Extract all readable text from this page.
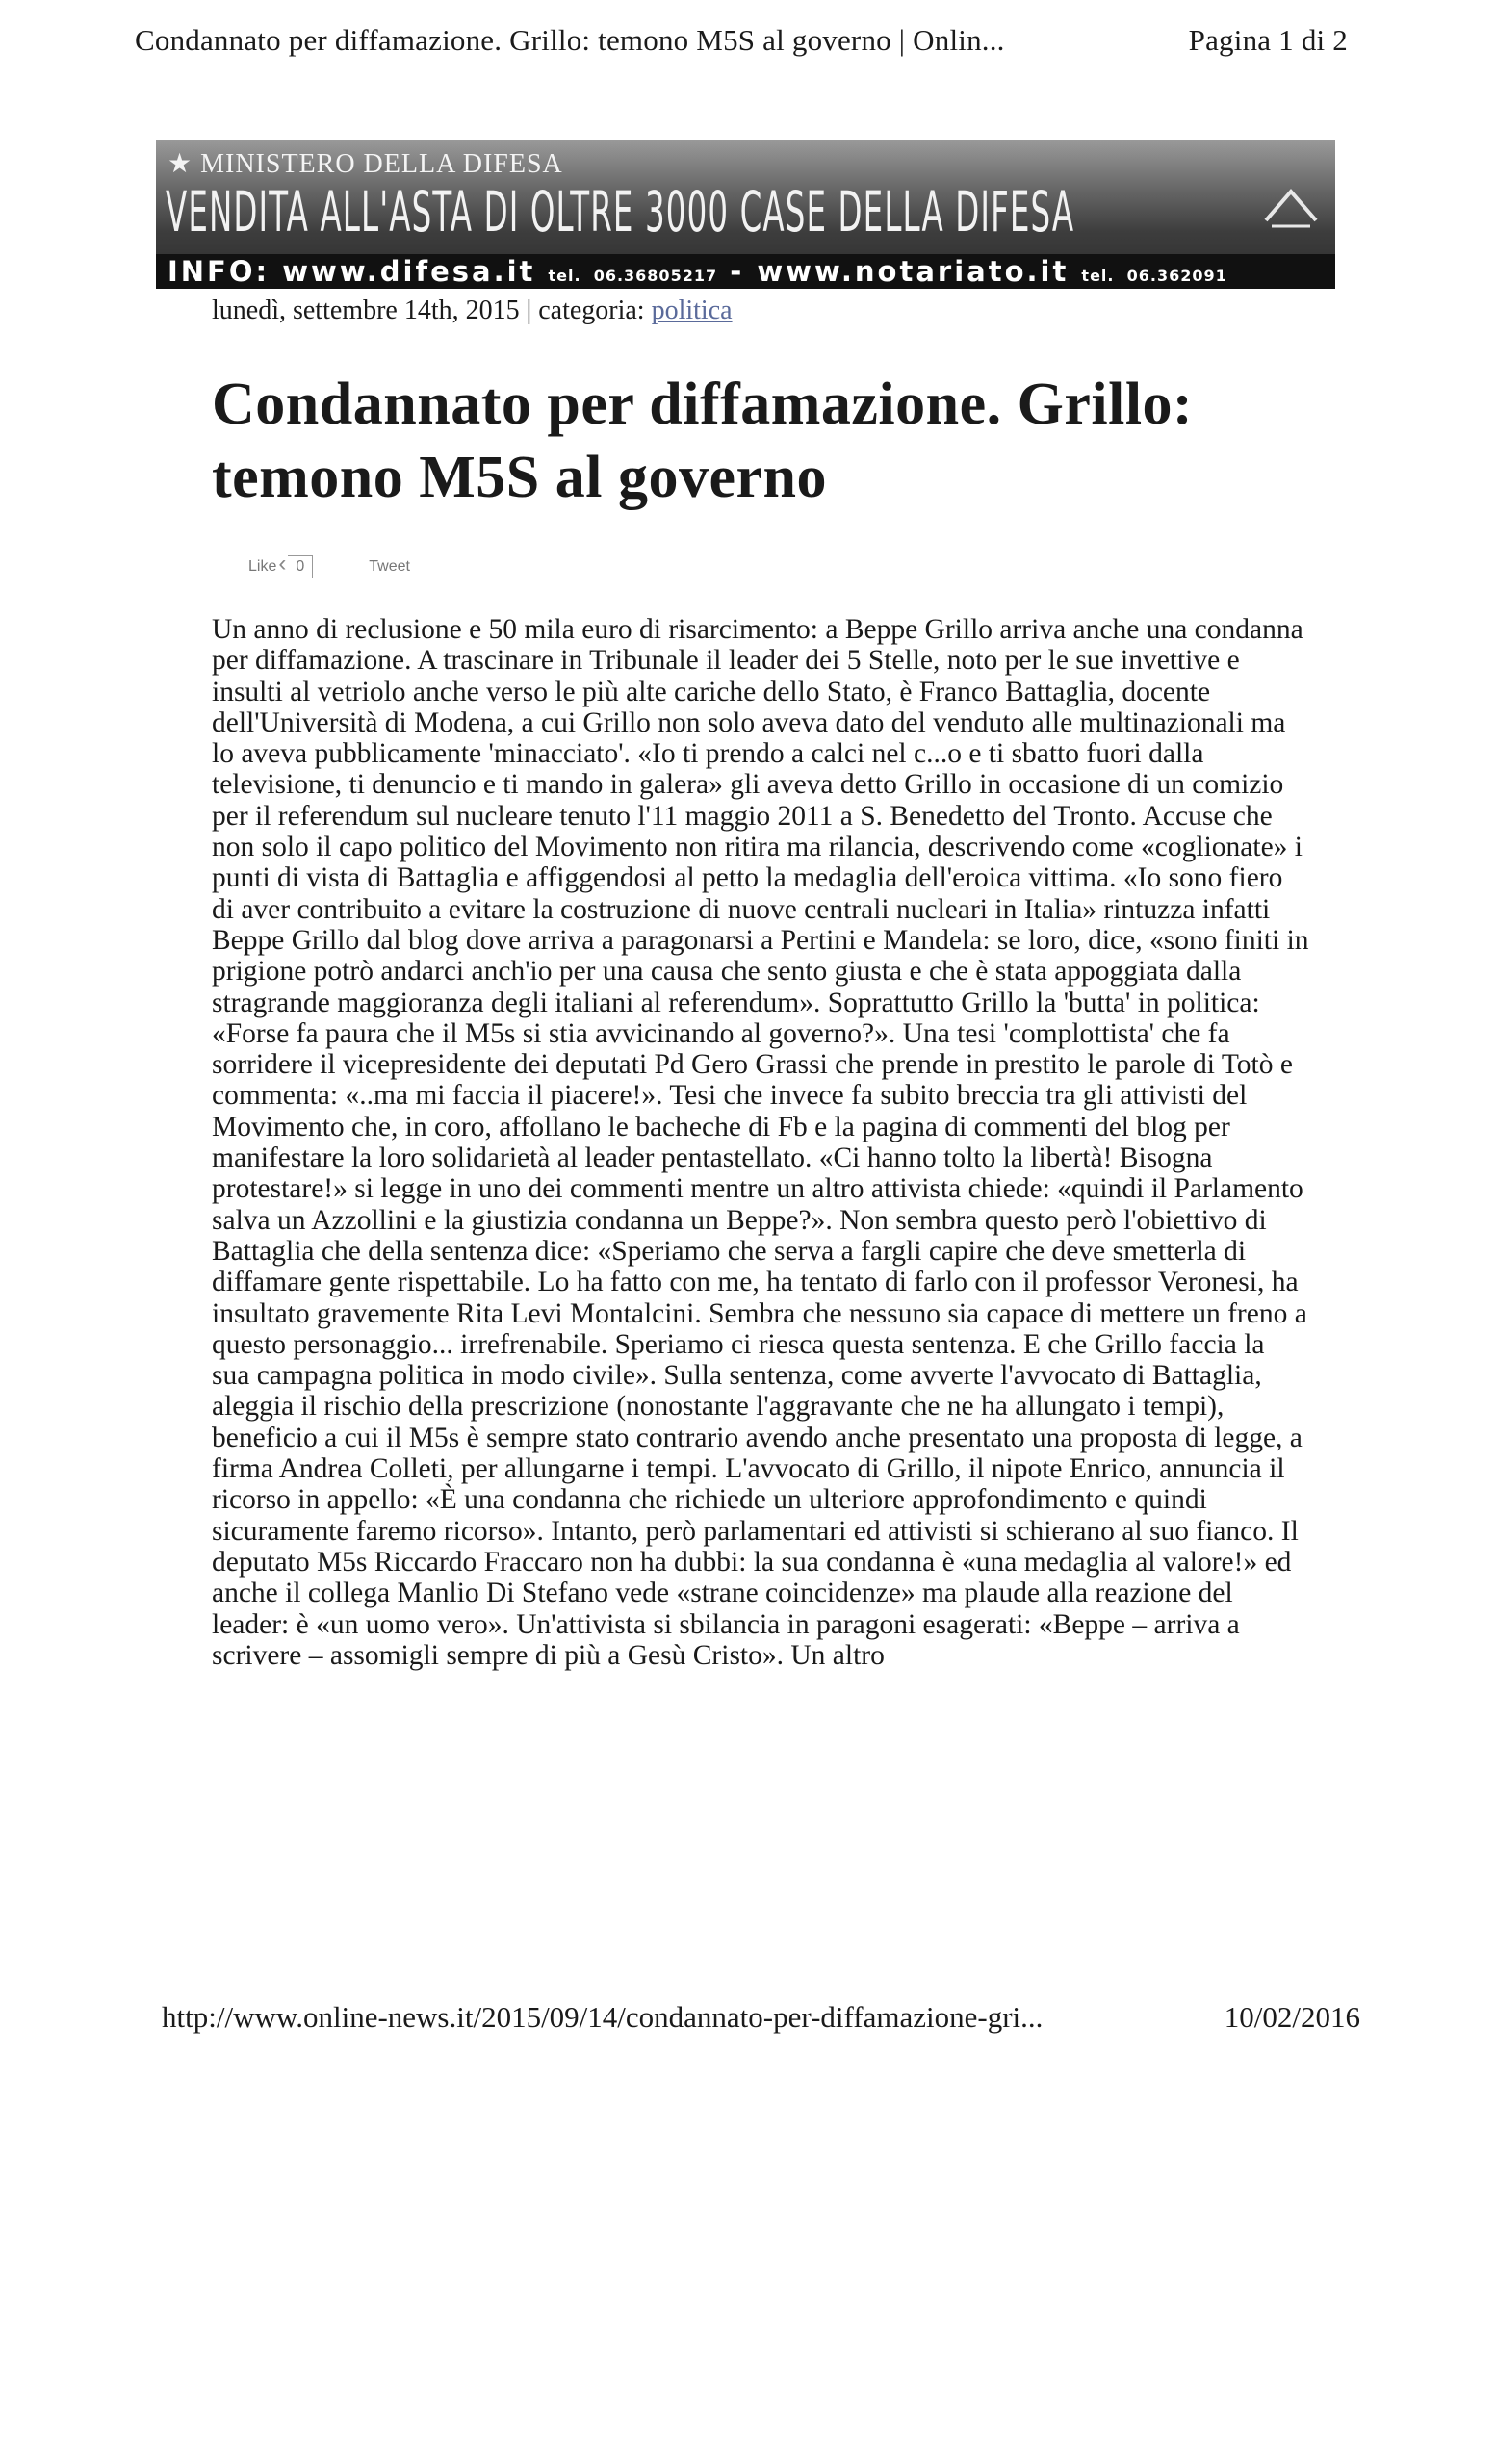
Condannato per diffamazione. Grillo: temono M5S al governo | Onlin...	Pagina 1 di 2
★ MINISTERO DELLA DIFESA
VENDITA ALL'ASTA DI OLTRE 3000 CASE DELLA DIFESA
INFO: www.difesa.it tel. 06.36805217 - www.notariato.it tel. 06.362091
lunedì, settembre 14th, 2015 | categoria: politica
Condannato per diffamazione. Grillo: temono M5S al governo
Like
‹	0	Tweet
Un anno di reclusione e 50 mila euro di risarcimento: a Beppe Grillo arriva anche una condanna per diffamazione. A trascinare in Tribunale il leader dei 5 Stelle, noto per le sue invettive e insulti al vetriolo anche verso le più alte cariche dello Stato, è Franco Battaglia, docente dell'Università di Modena, a cui Grillo non solo aveva dato del venduto alle multinazionali ma lo aveva pubblicamente 'minacciato'. «Io ti prendo a calci nel c...o e ti sbatto fuori dalla televisione, ti denuncio e ti mando in galera» gli aveva detto Grillo in occasione di un comizio per il referendum sul nucleare tenuto l'11 maggio 2011 a S. Benedetto del Tronto. Accuse che non solo il capo politico del Movimento non ritira ma rilancia, descrivendo come «coglionate» i punti di vista di Battaglia e affiggendosi al petto la medaglia dell'eroica vittima. «Io sono fiero di aver contribuito a evitare la costruzione di nuove centrali nucleari in Italia» rintuzza infatti Beppe Grillo dal blog dove arriva a paragonarsi a Pertini e Mandela: se loro, dice, «sono finiti in prigione potrò andarci anch'io per una causa che sento giusta e che è stata appoggiata dalla stragrande maggioranza degli italiani al referendum». Soprattutto Grillo la 'butta' in politica: «Forse fa paura che il M5s si stia avvicinando al governo?». Una tesi 'complottista' che fa sorridere il vicepresidente dei deputati Pd Gero Grassi che prende in prestito le parole di Totò e commenta: «..ma mi faccia il piacere!». Tesi che invece fa subito breccia tra gli attivisti del Movimento che, in coro, affollano le bacheche di Fb e la pagina di commenti del blog per manifestare la loro solidarietà al leader pentastellato. «Ci hanno tolto la libertà! Bisogna protestare!» si legge in uno dei commenti mentre un altro attivista chiede: «quindi il Parlamento salva un Azzollini e la giustizia condanna un Beppe?». Non sembra questo però l'obiettivo di Battaglia che della sentenza dice: «Speriamo che serva a fargli capire che deve smetterla di diffamare gente rispettabile. Lo ha fatto con me, ha tentato di farlo con il professor Veronesi, ha insultato gravemente Rita Levi Montalcini. Sembra che nessuno sia capace di mettere un freno a questo personaggio... irrefrenabile. Speriamo ci riesca questa sentenza. E che Grillo faccia la sua campagna politica in modo civile». Sulla sentenza, come avverte l'avvocato di Battaglia, aleggia il rischio della prescrizione (nonostante l'aggravante che ne ha allungato i tempi), beneficio a cui il M5s è sempre stato contrario avendo anche presentato una proposta di legge, a firma Andrea Colleti, per allungarne i tempi. L'avvocato di Grillo, il nipote Enrico, annuncia il ricorso in appello: «È una condanna che richiede un ulteriore approfondimento e quindi sicuramente faremo ricorso». Intanto, però parlamentari ed attivisti si schierano al suo fianco. Il deputato M5s Riccardo Fraccaro non ha dubbi: la sua condanna è «una medaglia al valore!» ed anche il collega Manlio Di Stefano vede «strane coincidenze» ma plaude alla reazione del leader: è «un uomo vero». Un'attivista si sbilancia in paragoni esagerati: «Beppe – arriva a scrivere – assomigli sempre di più a Gesù Cristo». Un altro
http://www.online-news.it/2015/09/14/condannato-per-diffamazione-gri...	10/02/2016
